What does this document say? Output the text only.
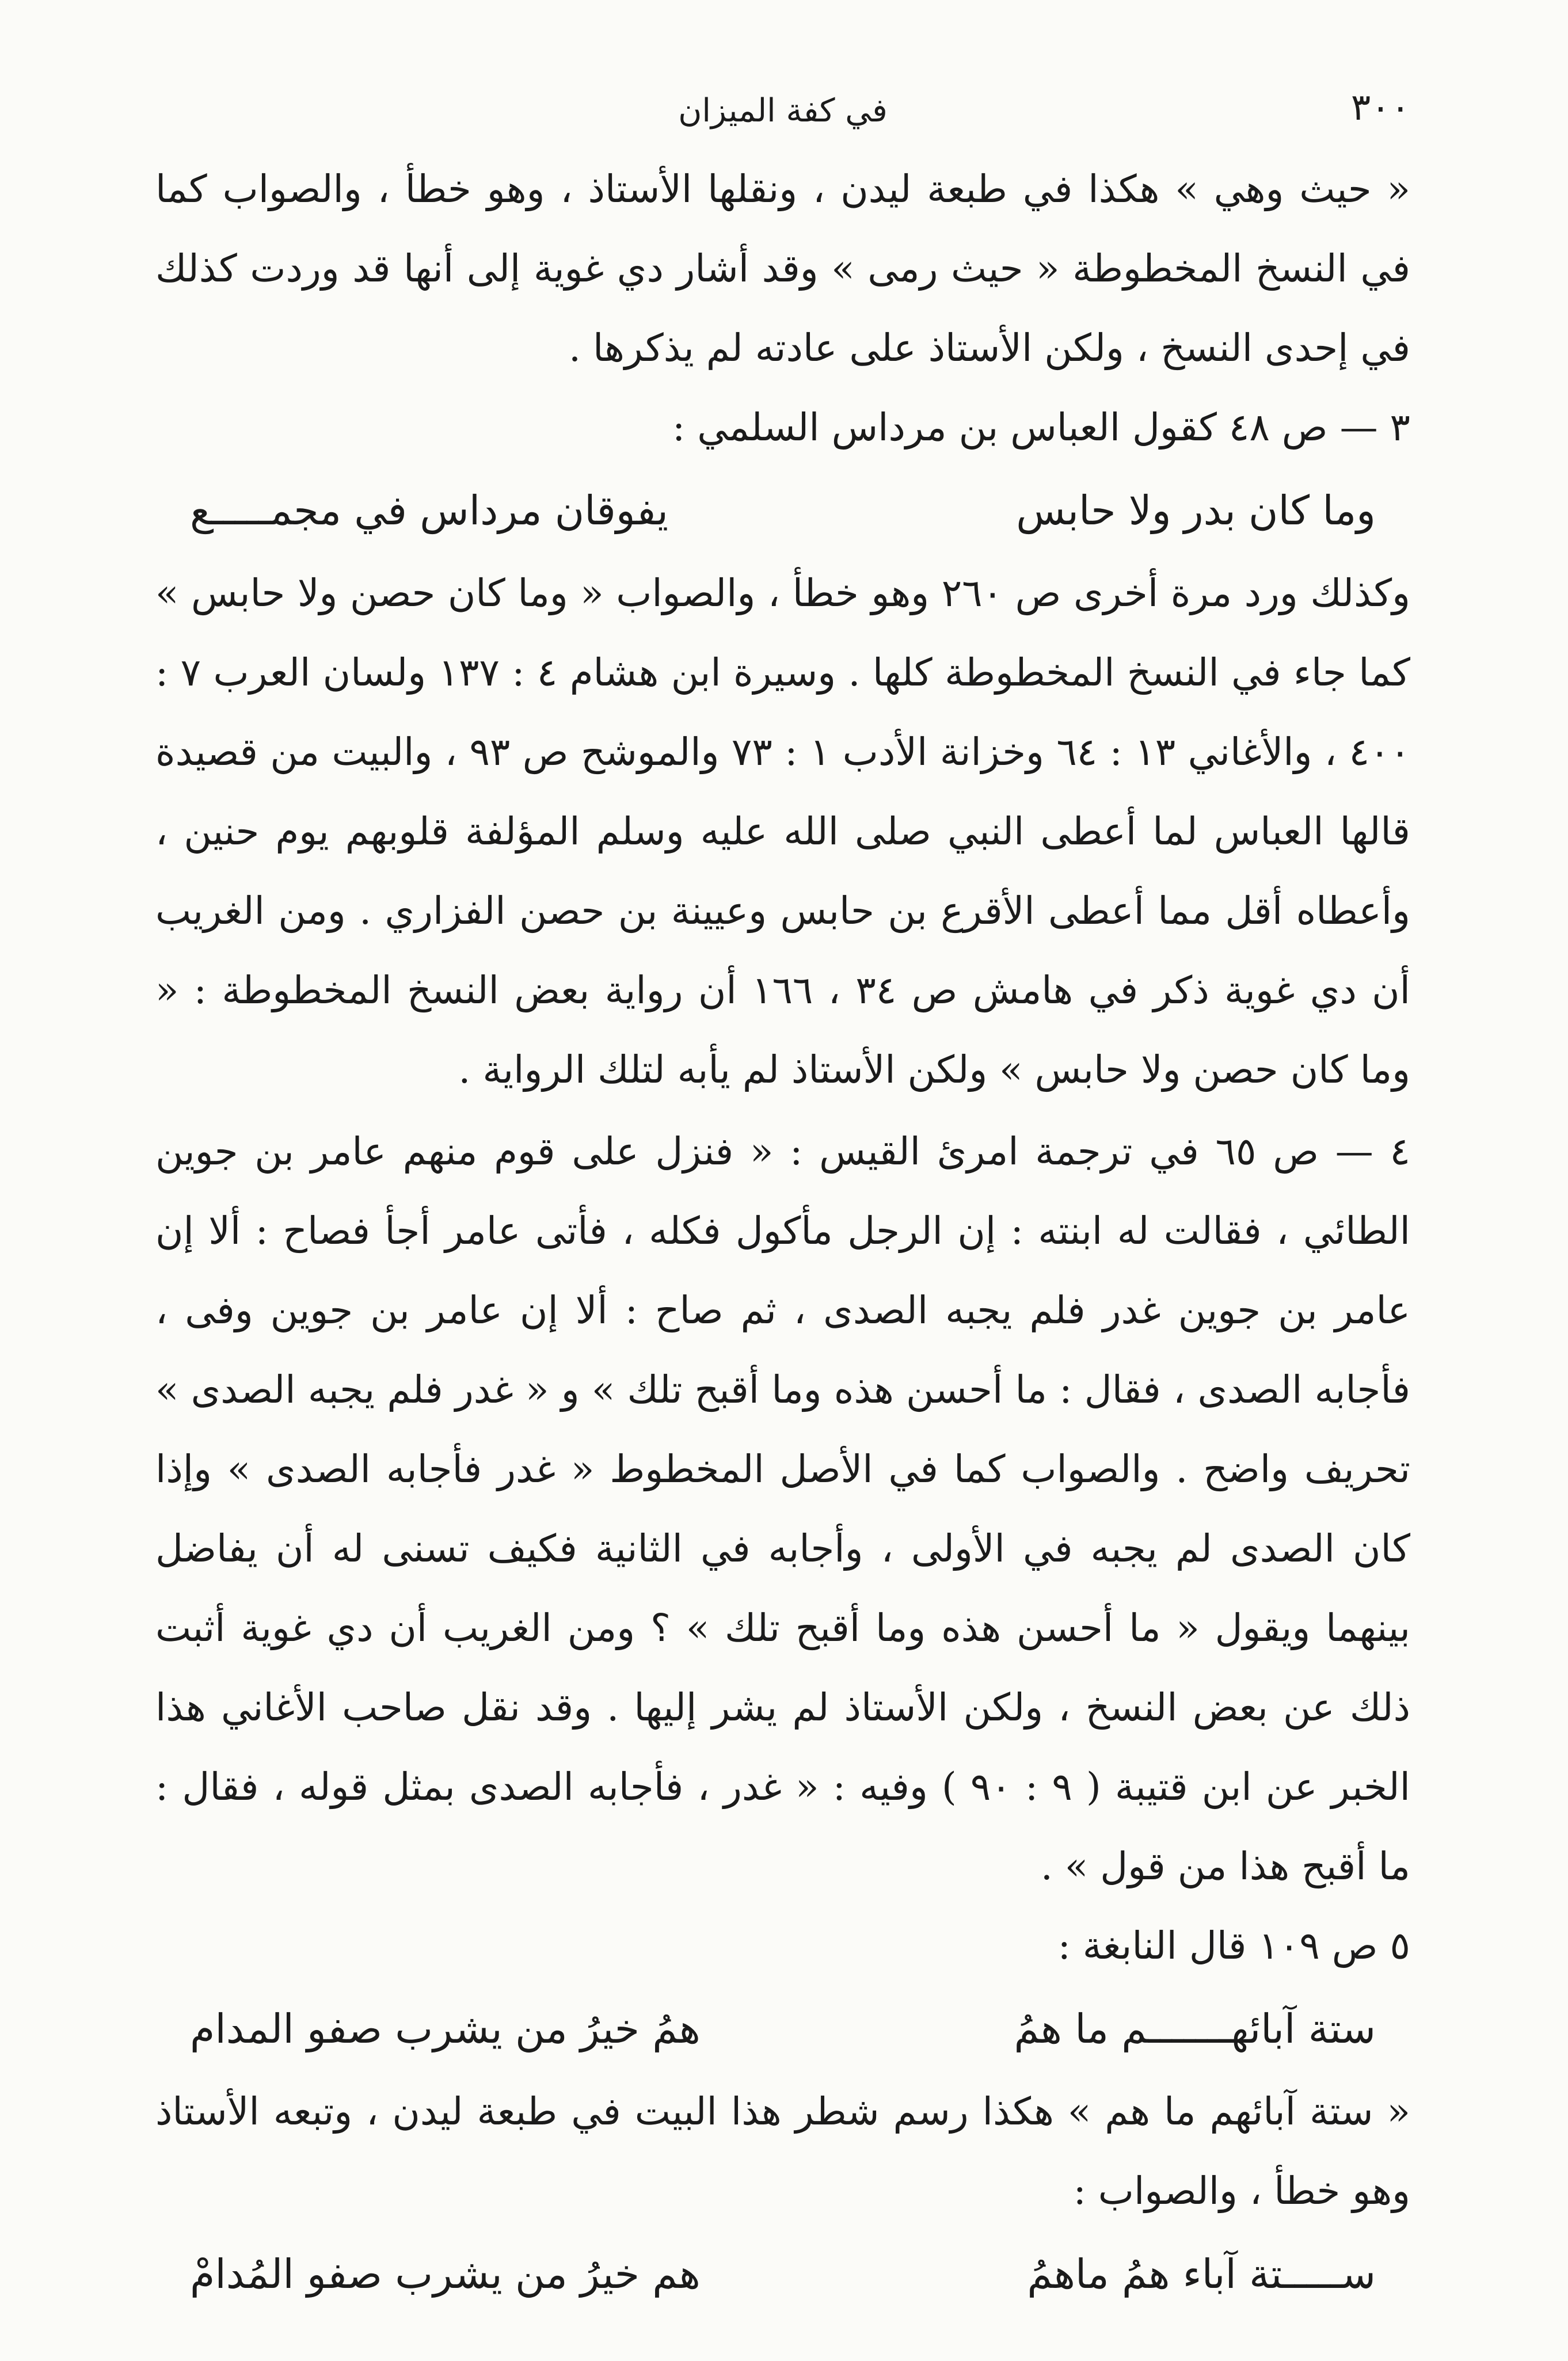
٣٠٠
في كفة الميزان

« حيث وهي » هكذا في طبعة ليدن ، ونقلها الأستاذ ، وهو خطأ ، والصواب كما في النسخ المخطوطة « حيث رمى » وقد أشار دي غوية إلى أنها قد وردت كذلك في إحدى النسخ ، ولكن الأستاذ على عادته لم يذكرها .

٣ — ص ٤٨ كقول العباس بن مرداس السلمي :

وما كان بدر ولا حابس
يفوقان مرداس في مجمـــــع

وكذلك ورد مرة أخرى ص ٢٦٠ وهو خطأ ، والصواب « وما كان حصن ولا حابس » كما جاء في النسخ المخطوطة كلها . وسيرة ابن هشام ٤ : ١٣٧ ولسان العرب ٧ : ٤٠٠ ، والأغاني ١٣ : ٦٤ وخزانة الأدب ١ : ٧٣ والموشح ص ٩٣ ، والبيت من قصيدة قالها العباس لما أعطى النبي صلى الله عليه وسلم المؤلفة قلوبهم يوم حنين ، وأعطاه أقل مما أعطى الأقرع بن حابس وعيينة بن حصن الفزاري . ومن الغريب أن دي غوية ذكر في هامش ص ٣٤ ، ١٦٦ أن رواية بعض النسخ المخطوطة : « وما كان حصن ولا حابس » ولكن الأستاذ لم يأبه لتلك الرواية .

٤ — ص ٦٥ في ترجمة امرئ القيس : « فنزل على قوم منهم عامر بن جوين الطائي ، فقالت له ابنته : إن الرجل مأكول فكله ، فأتى عامر أجأ فصاح : ألا إن عامر بن جوين غدر فلم يجبه الصدى ، ثم صاح : ألا إن عامر بن جوين وفى ، فأجابه الصدى ، فقال : ما أحسن هذه وما أقبح تلك » و « غدر فلم يجبه الصدى » تحريف واضح . والصواب كما في الأصل المخطوط « غدر فأجابه الصدى » وإذا كان الصدى لم يجبه في الأولى ، وأجابه في الثانية فكيف تسنى له أن يفاضل بينهما ويقول « ما أحسن هذه وما أقبح تلك » ؟ ومن الغريب أن دي غوية أثبت ذلك عن بعض النسخ ، ولكن الأستاذ لم يشر إليها . وقد نقل صاحب الأغاني هذا الخبر عن ابن قتيبة ( ٩ : ٩٠ ) وفيه : « غدر ، فأجابه الصدى بمثل قوله ، فقال : ما أقبح هذا من قول » .

٥ ص ١٠٩ قال النابغة :

ستة آبائهـــــــم ما همُ
همُ خيرُ من يشرب صفو المدام

« ستة آبائهم ما هم » هكذا رسم شطر هذا البيت في طبعة ليدن ، وتبعه الأستاذ وهو خطأ ، والصواب :

ســـــتة آباء همُ ماهمُ
هم خيرُ من يشرب صفو المُدامْ
